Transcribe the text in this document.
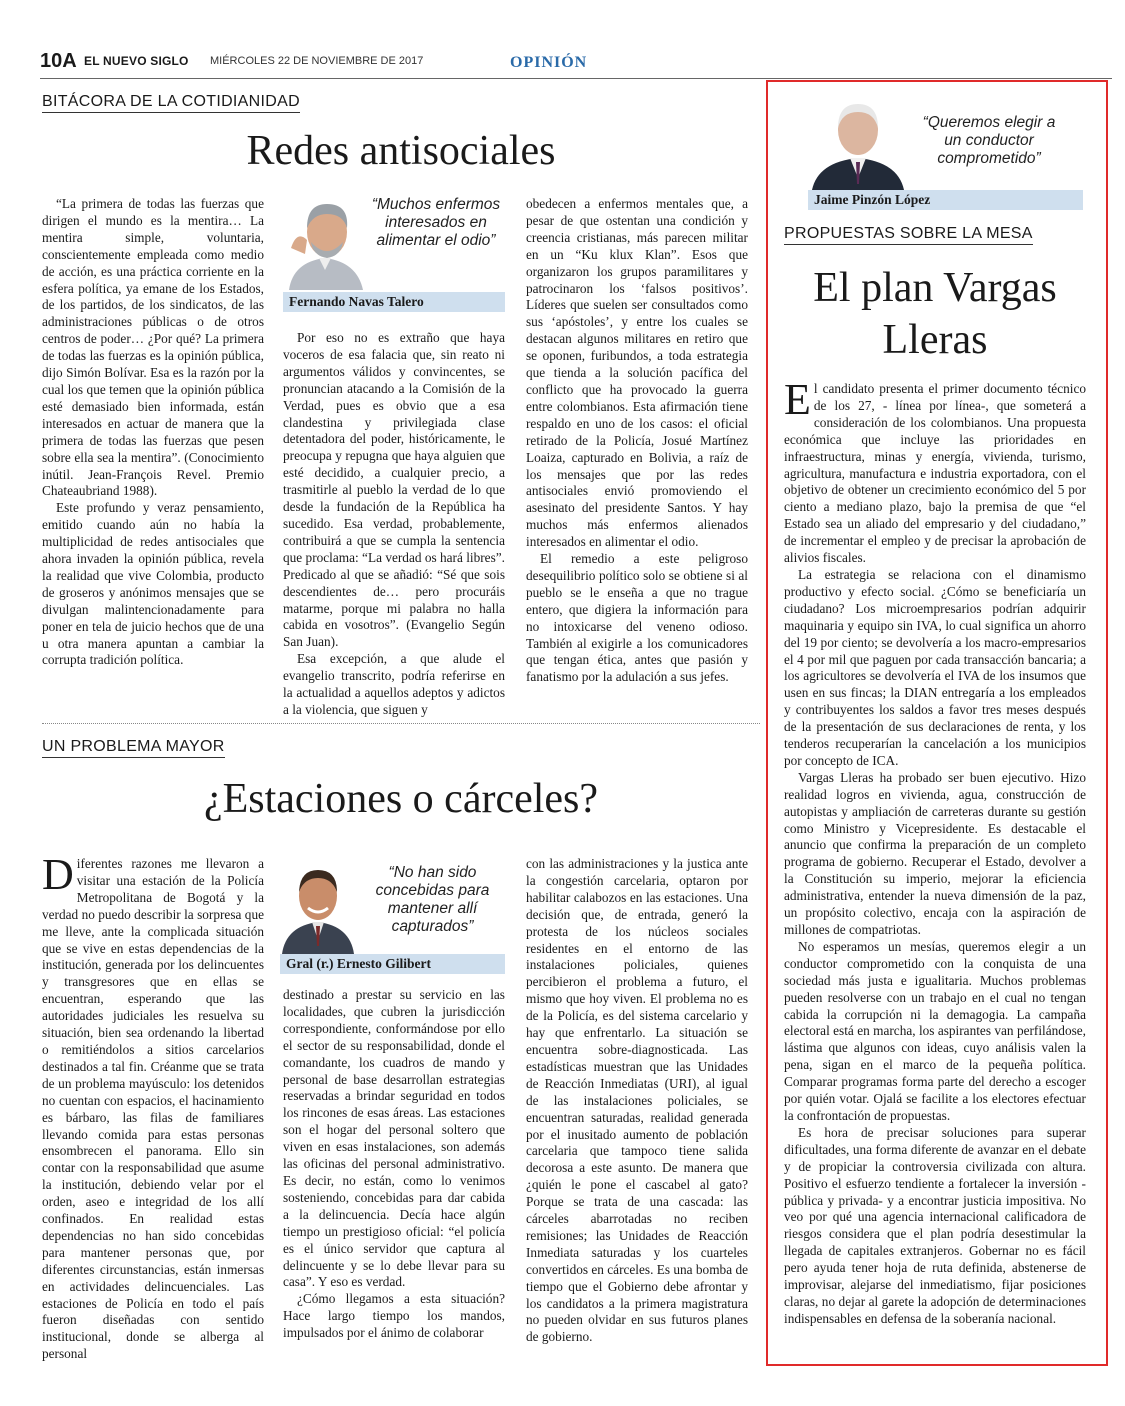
10A EL NUEVO SIGLO MIÉRCOLES 22 DE NOVIEMBRE DE 2017	OPINIÓN
BITÁCORA DE LA COTIDIANIDAD
Redes antisociales

“La primera de todas las fuerzas que dirigen el mundo es la mentira… La mentira simple, voluntaria, conscientemente empleada como medio de acción, es una práctica corriente en la esfera política, ya emane de los Estados, de los partidos, de los sindicatos, de las administraciones públicas o de otros centros de poder… ¿Por qué? La primera de todas las fuerzas es la opinión pública, dijo Simón Bolívar. Esa es la razón por la cual los que temen que la opinión pública esté demasiado bien informada, están interesados en actuar de manera que la primera de todas las fuerzas que pesen sobre ella sea la mentira”. (Conocimiento inútil. Jean-François Revel. Premio Chateaubriand 1988).

Este profundo y veraz pensamiento, emitido cuando aún no había la multiplicidad de redes antisociales que ahora invaden la opinión pública, revela la realidad que vive Colombia, producto de groseros y anónimos mensajes que se divulgan malintencionadamente para poner en tela de juicio hechos que de una u otra manera apuntan a cambiar la corrupta tradición política.

“Muchos enfermos interesados en alimentar el odio”
Fernando Navas Talero

Por eso no es extraño que haya voceros de esa falacia que, sin reato ni argumentos válidos y convincentes, se pronuncian atacando a la Comisión de la Verdad, pues es obvio que a esa clandestina y privilegiada clase detentadora del poder, históricamente, le preocupa y repugna que haya alguien que esté decidido, a cualquier precio, a trasmitirle al pueblo la verdad de lo que desde la fundación de la República ha sucedido. Esa verdad, probablemente, contribuirá a que se cumpla la sentencia que proclama: “La verdad os hará libres”. Predicado al que se añadió: “Sé que sois descendientes de… pero procuráis matarme, porque mi palabra no halla cabida en vosotros”. (Evangelio Según San Juan).

Esa excepción, a que alude el evangelio transcrito, podría referirse en la actualidad a aquellos adeptos y adictos a la violencia, que siguen y

obedecen a enfermos mentales que, a pesar de que ostentan una condición y creencia cristianas, más parecen militar en un “Ku klux Klan”. Esos que organizaron los grupos paramilitares y patrocinaron los ‘falsos positivos’. Líderes que suelen ser consultados como sus ‘apóstoles’, y entre los cuales se destacan algunos militares en retiro que se oponen, furibundos, a toda estrategia que tienda a la solución pacífica del conflicto que ha provocado la guerra entre colombianos. Esta afirmación tiene respaldo en uno de los casos: el oficial retirado de la Policía, Josué Martínez Loaiza, capturado en Bolivia, a raíz de los mensajes que por las redes antisociales envió promoviendo el asesinato del presidente Santos. Y hay muchos más enfermos alienados interesados en alimentar el odio.

El remedio a este peligroso desequilibrio político solo se obtiene si al pueblo se le enseña a que no trague entero, que digiera la información para no intoxicarse del veneno odioso. También al exigirle a los comunicadores que tengan ética, antes que pasión y fanatismo por la adulación a sus jefes.

UN PROBLEMA MAYOR
¿Estaciones o cárceles?

Diferentes razones me llevaron a visitar una estación de la Policía Metropolitana de Bogotá y la verdad no puedo describir la sorpresa que me lleve, ante la complicada situación que se vive en estas dependencias de la institución, generada por los delincuentes y transgresores que en ellas se encuentran, esperando que las autoridades judiciales les resuelva su situación, bien sea ordenando la libertad o remitiéndolos a sitios carcelarios destinados a tal fin. Créanme que se trata de un problema mayúsculo: los detenidos no cuentan con espacios, el hacinamiento es bárbaro, las filas de familiares llevando comida para estas personas ensombrecen el panorama. Ello sin contar con la responsabilidad que asume la institución, debiendo velar por el orden, aseo e integridad de los allí confinados. En realidad estas dependencias no han sido concebidas para mantener personas que, por diferentes circunstancias, están inmersas en actividades delincuenciales. Las estaciones de Policía en todo el país fueron diseñadas con sentido institucional, donde se alberga al personal

“No han sido concebidas para mantener allí capturados”
Gral (r.) Ernesto Gilibert

destinado a prestar su servicio en las localidades, que cubren la jurisdicción correspondiente, conformándose por ello el sector de su responsabilidad, donde el comandante, los cuadros de mando y personal de base desarrollan estrategias reservadas a brindar seguridad en todos los rincones de esas áreas. Las estaciones son el hogar del personal soltero que viven en esas instalaciones, son además las oficinas del personal administrativo. Es decir, no están, como lo venimos sosteniendo, concebidas para dar cabida a la delincuencia. Decía hace algún tiempo un prestigioso oficial: “el policía es el único servidor que captura al delincuente y se lo debe llevar para su casa”. Y eso es verdad.

¿Cómo llegamos a esta situación? Hace largo tiempo los mandos, impulsados por el ánimo de colaborar

con las administraciones y la justica ante la congestión carcelaria, optaron por habilitar calabozos en las estaciones. Una decisión que, de entrada, generó la protesta de los núcleos sociales residentes en el entorno de las instalaciones policiales, quienes percibieron el problema a futuro, el mismo que hoy viven. El problema no es de la Policía, es del sistema carcelario y hay que enfrentarlo. La situación se encuentra sobre-diagnosticada. Las estadísticas muestran que las Unidades de Reacción Inmediatas (URI), al igual de las instalaciones policiales, se encuentran saturadas, realidad generada por el inusitado aumento de población carcelaria que tampoco tiene salida decorosa a este asunto. De manera que ¿quién le pone el cascabel al gato? Porque se trata de una cascada: las cárceles abarrotadas no reciben remisiones; las Unidades de Reacción Inmediata saturadas y los cuarteles convertidos en cárceles. Es una bomba de tiempo que el Gobierno debe afrontar y los candidatos a la primera magistratura no pueden olvidar en sus futuros planes de gobierno.

“Queremos elegir a un conductor comprometido”
Jaime Pinzón López
PROPUESTAS SOBRE LA MESA
El plan Vargas
Lleras

El candidato presenta el primer documento técnico de los 27, - línea por línea-, que someterá a consideración de los colombianos. Una propuesta económica que incluye las prioridades en infraestructura, minas y energía, vivienda, turismo, agricultura, manufactura e industria exportadora, con el objetivo de obtener un crecimiento económico del 5 por ciento a mediano plazo, bajo la premisa de que “el Estado sea un aliado del empresario y del ciudadano,” de incrementar el empleo y de precisar la aprobación de alivios fiscales.

La estrategia se relaciona con el dinamismo productivo y efecto social. ¿Cómo se beneficiaría un ciudadano? Los microempresarios podrían adquirir maquinaria y equipo sin IVA, lo cual significa un ahorro del 19 por ciento; se devolvería a los macro-empresarios el 4 por mil que paguen por cada transacción bancaria; a los agricultores se devolvería el IVA de los insumos que usen en sus fincas; la DIAN entregaría a los empleados y contribuyentes los saldos a favor tres meses después de la presentación de sus declaraciones de renta, y los tenderos recuperarían la cancelación a los municipios por concepto de ICA.

Vargas Lleras ha probado ser buen ejecutivo. Hizo realidad logros en vivienda, agua, construcción de autopistas y ampliación de carreteras durante su gestión como Ministro y Vicepresidente. Es destacable el anuncio que confirma la preparación de un completo programa de gobierno. Recuperar el Estado, devolver a la Constitución su imperio, mejorar la eficiencia administrativa, entender la nueva dimensión de la paz, un propósito colectivo, encaja con la aspiración de millones de compatriotas.

No esperamos un mesías, queremos elegir a un conductor comprometido con la conquista de una sociedad más justa e igualitaria. Muchos problemas pueden resolverse con un trabajo en el cual no tengan cabida la corrupción ni la demagogia. La campaña electoral está en marcha, los aspirantes van perfilándose, lástima que algunos con ideas, cuyo análisis valen la pena, sigan en el marco de la pequeña política. Comparar programas forma parte del derecho a escoger por quién votar. Ojalá se facilite a los electores efectuar la confrontación de propuestas.

Es hora de precisar soluciones para superar dificultades, una forma diferente de avanzar en el debate y de propiciar la controversia civilizada con altura. Positivo el esfuerzo tendiente a fortalecer la inversión -pública y privada- y a encontrar justicia impositiva. No veo por qué una agencia internacional calificadora de riesgos considera que el plan podría desestimular la llegada de capitales extranjeros. Gobernar no es fácil pero ayuda tener hoja de ruta definida, abstenerse de improvisar, alejarse del inmediatismo, fijar posiciones claras, no dejar al garete la adopción de determinaciones indispensables en defensa de la soberanía nacional.
